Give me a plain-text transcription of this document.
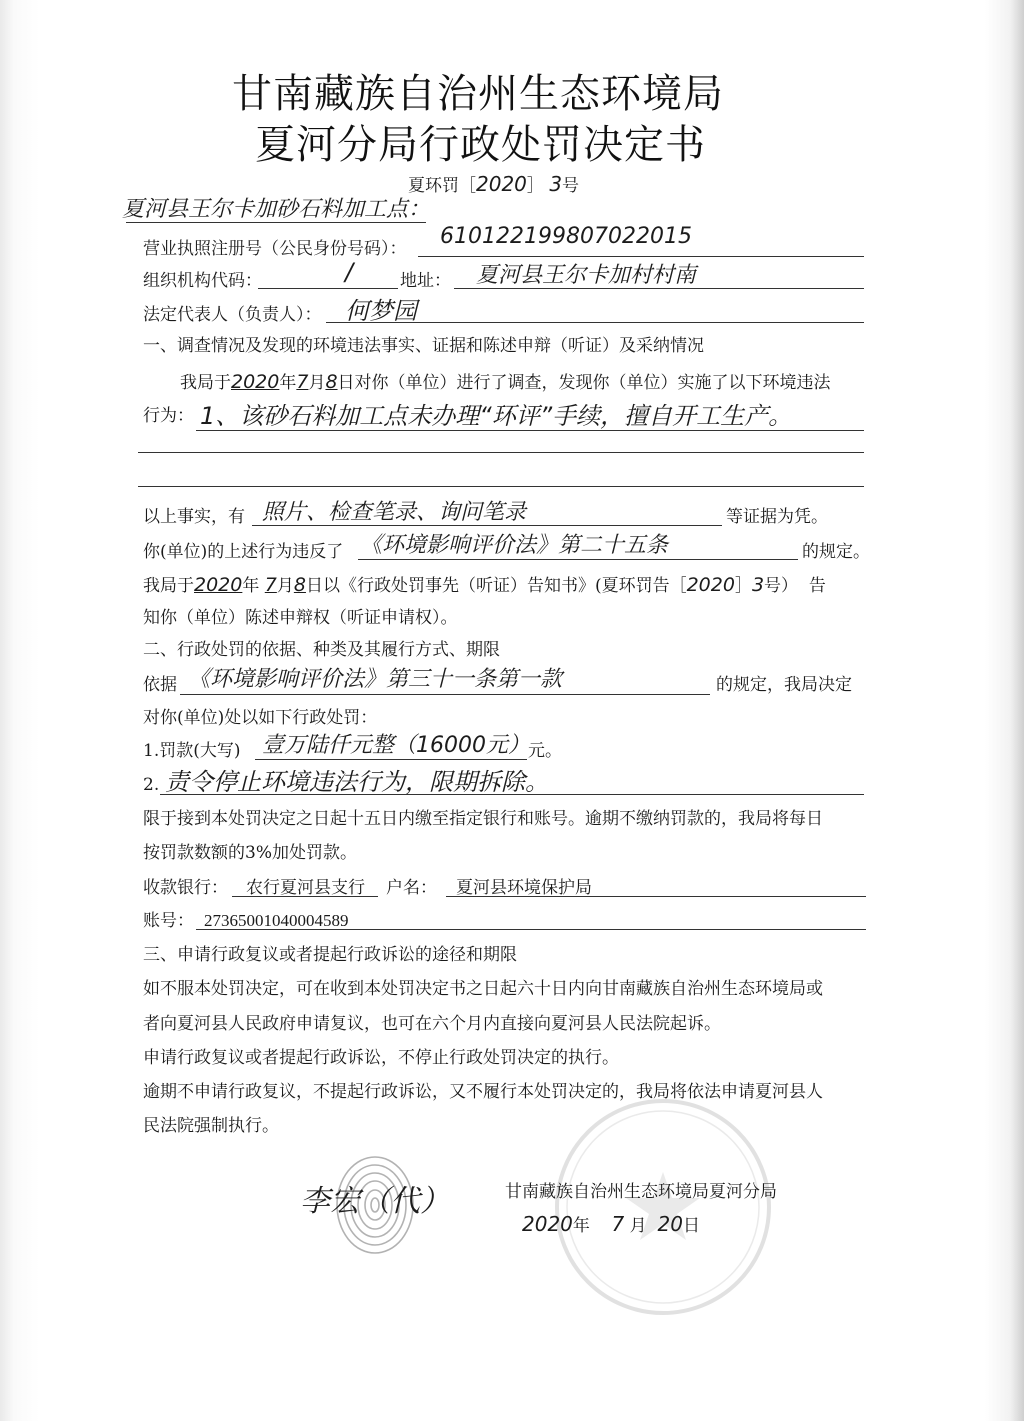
甘南藏族自治州生态环境局
夏河分局行政处罚决定书
夏环罚［2020］ 3号
夏河县王尔卡加砂石料加工点：
营业执照注册号（公民身份号码）： 610122199807022015
组织机构代码：	/	地址： 夏河县王尔卡加村村南
法定代表人（负责人）： 何梦园
一、调查情况及发现的环境违法事实、证据和陈述申辩（听证）及采纳情况
我局于2020年7月8日对你（单位）进行了调查，发现你（单位）实施了以下环境违法
行为： 1、该砂石料加工点未办理“环评”手续，擅自开工生产。
以上事实，有 照片、检查笔录、询问笔录	等证据为凭。
你(单位)的上述行为违反了 《环境影响评价法》第二十五条	的规定。
我局于2020年 7月8日以《行政处罚事先（听证）告知书》(夏环罚告［2020］3号） 告
知你（单位）陈述申辩权（听证申请权）。
二、行政处罚的依据、种类及其履行方式、期限
依据 《环境影响评价法》第三十一条第一款	的规定，我局决定
对你(单位)处以如下行政处罚：
1.罚款(大写) 壹万陆仟元整（16000元）
元。
2. 责令停止环境违法行为，限期拆除。
限于接到本处罚决定之日起十五日内缴至指定银行和账号。逾期不缴纳罚款的，我局将每日
按罚款数额的3%加处罚款。
收款银行： 农行夏河县支行 户名： 夏河县环境保护局
账号： 27365001040004589
三、申请行政复议或者提起行政诉讼的途径和期限
如不服本处罚决定，可在收到本处罚决定书之日起六十日内向甘南藏族自治州生态环境局或
者向夏河县人民政府申请复议，也可在六个月内直接向夏河县人民法院起诉。
申请行政复议或者提起行政诉讼，不停止行政处罚决定的执行。
逾期不申请行政复议，不提起行政诉讼，又不履行本处罚决定的，我局将依法申请夏河县人
民法院强制执行。
李宏（代）	甘南藏族自治州生态环境局夏河分局
2020年 7 月 20日
